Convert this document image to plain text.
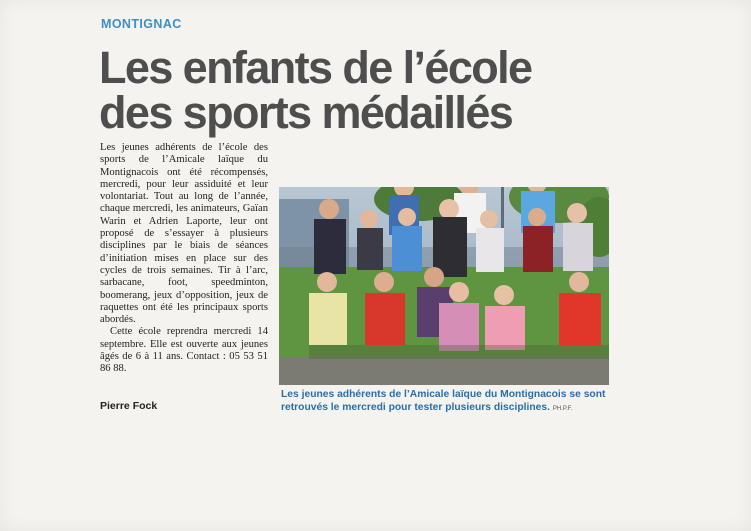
MONTIGNAC
Les enfants de l’école
des sports médaillés

Les jeunes adhérents de l’école des sports de l’Amicale laïque du Montignacois ont été récompensés, mercredi, pour leur assiduité et leur volontariat. Tout au long de l’année, chaque mercredi, les animateurs, Gaïan Warin et Adrien Laporte, leur ont proposé de s’essayer à plusieurs disciplines par le biais de séances d’initiation mises en place sur des cycles de trois semaines. Tir à l’arc, sarbacane, foot, speedminton, boomerang, jeux d’opposition, jeux de raquettes ont été les principaux sports abordés.

Cette école reprendra mercredi 14 septembre. Elle est ouverte aux jeunes âgés de 6 à 11 ans. Contact : 05 53 51 86 88.

Pierre Fock
Les jeunes adhérents de l’Amicale laïque du Montignacois se sont retrouvés le mercredi pour tester plusieurs disciplines. PH.P.F.
